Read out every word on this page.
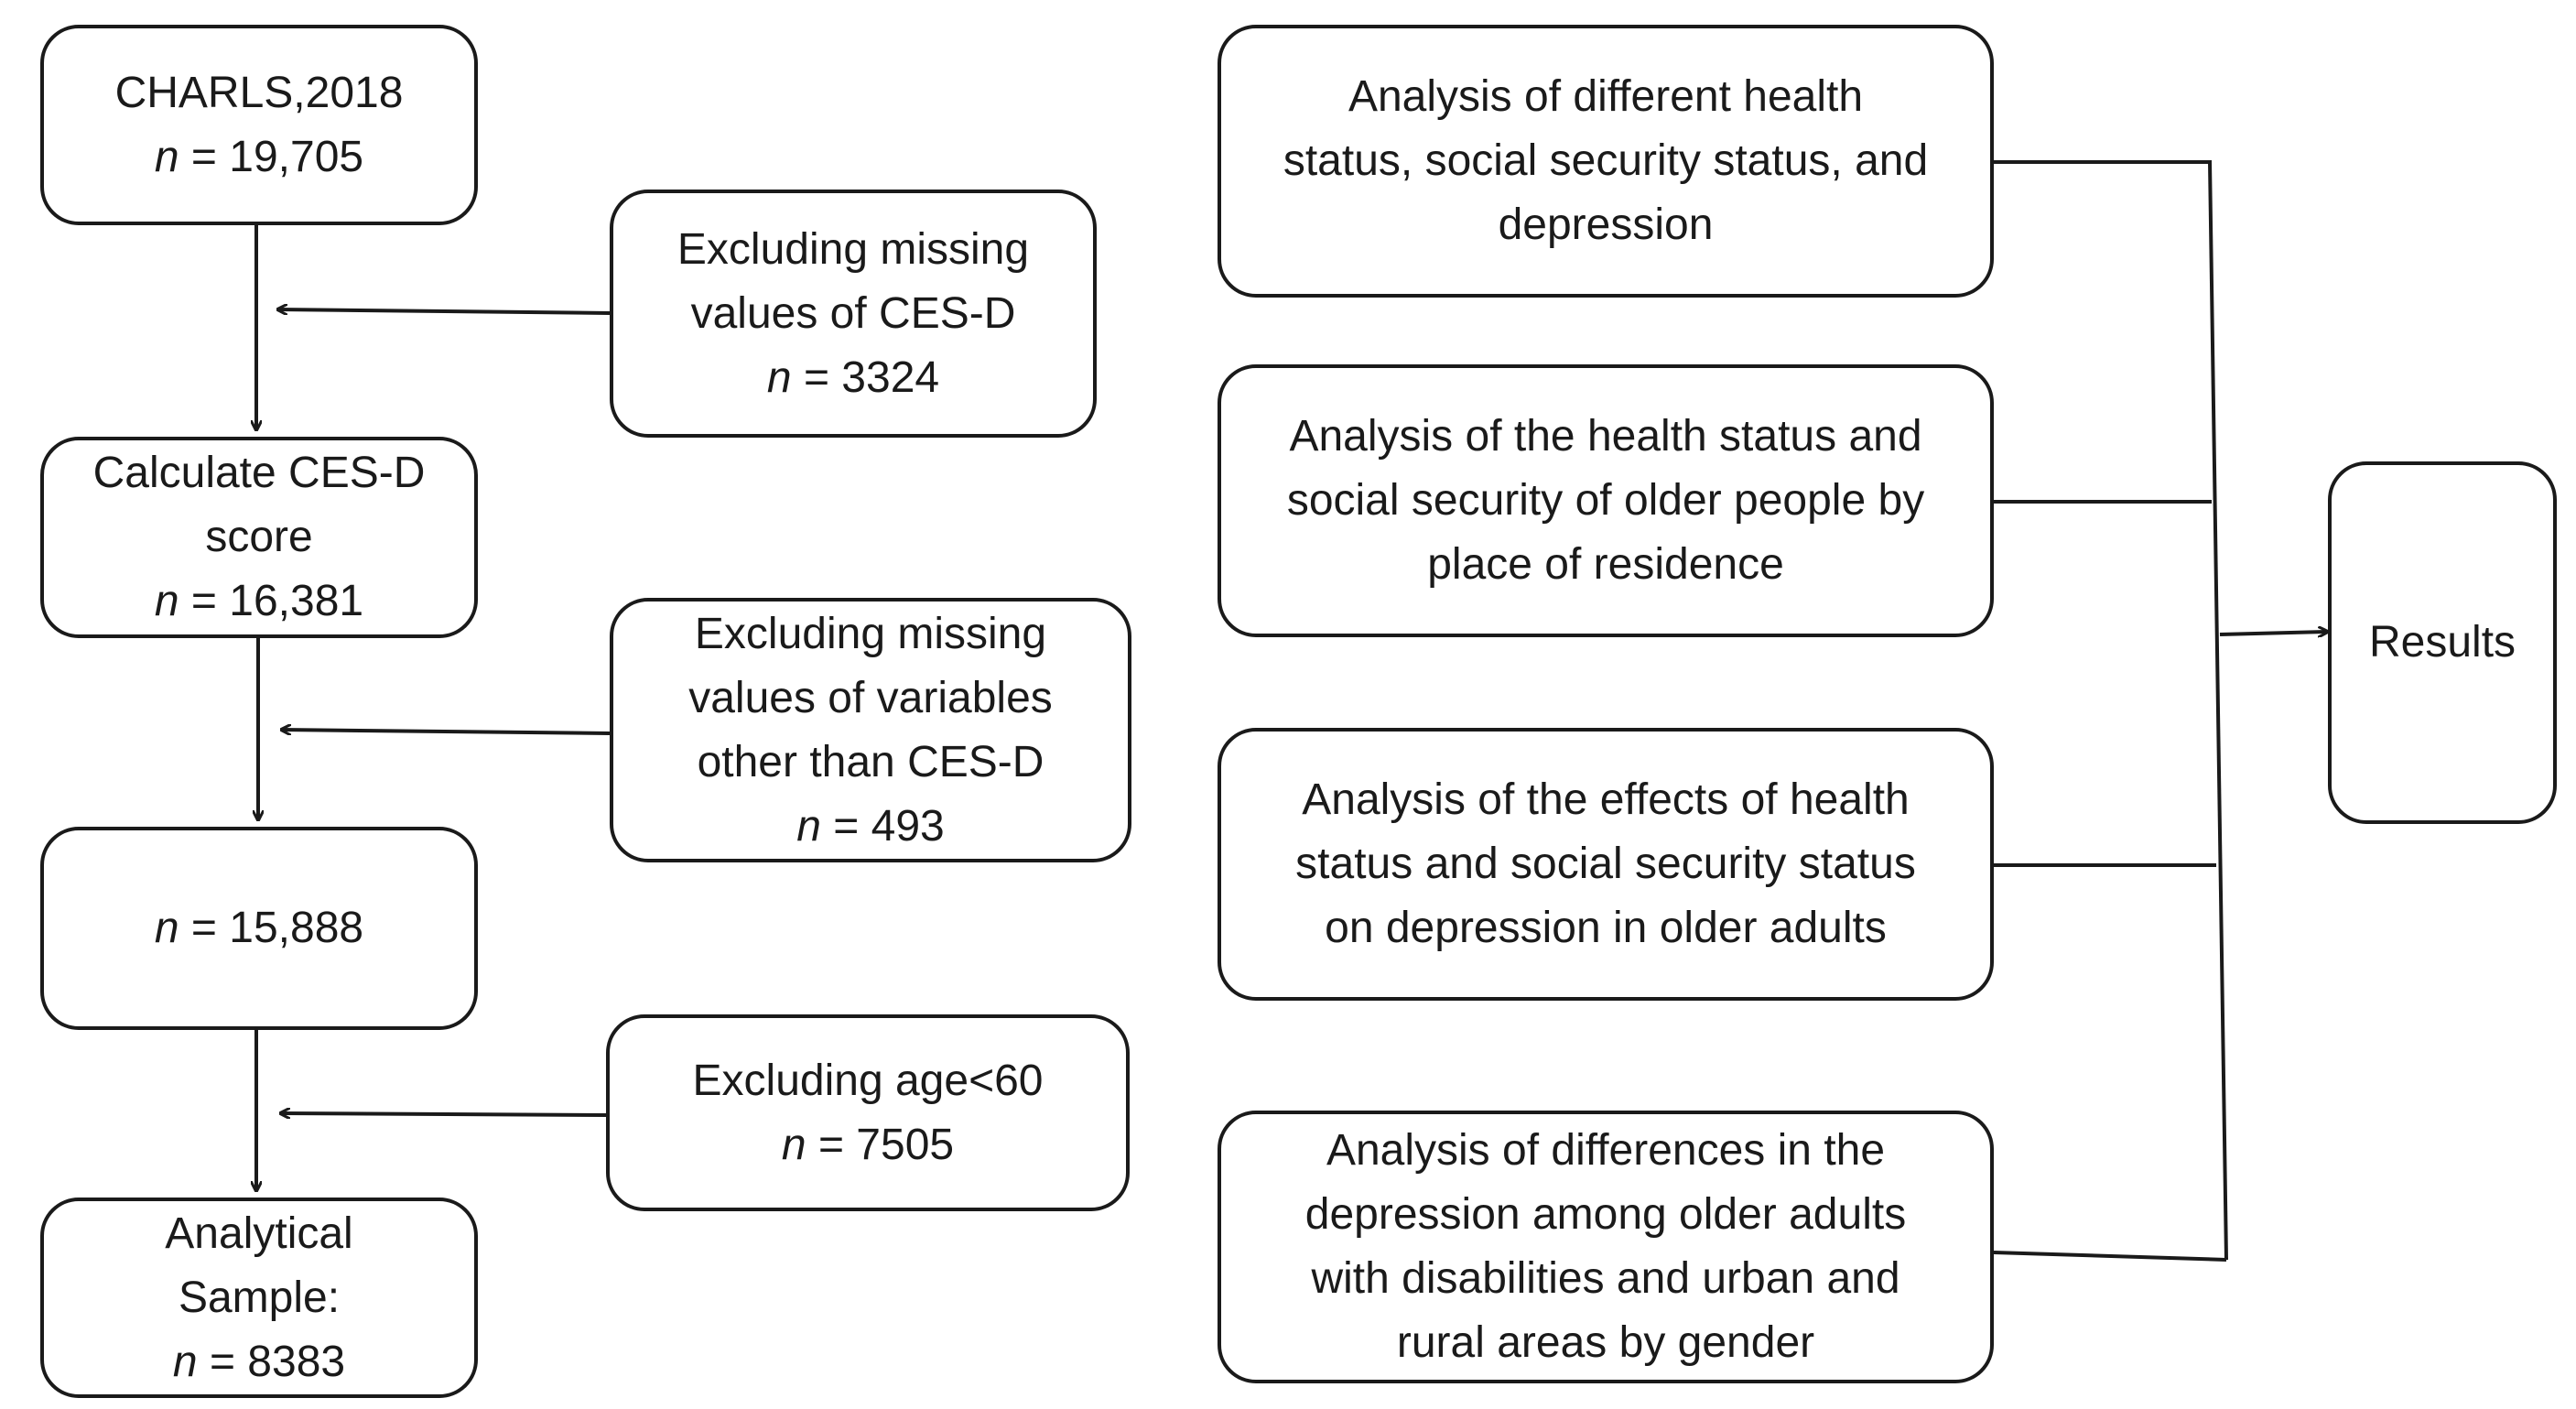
CHARLS,2018
n = 19,705
Calculate CES-D
score
n = 16,381
n = 15,888
Analytical
Sample:
n = 8383
Excluding missing
values of CES-D
n = 3324
Excluding missing
values of variables
other than CES-D
n = 493
Excluding age<60
n = 7505
Analysis of different health
status, social security status, and
depression
Analysis of the health status and
social security of older people by
place of residence
Analysis of the effects of health
status and social security status
on depression in older adults
Analysis of differences in the
depression among older adults
with disabilities and urban and
rural areas by gender
Results
